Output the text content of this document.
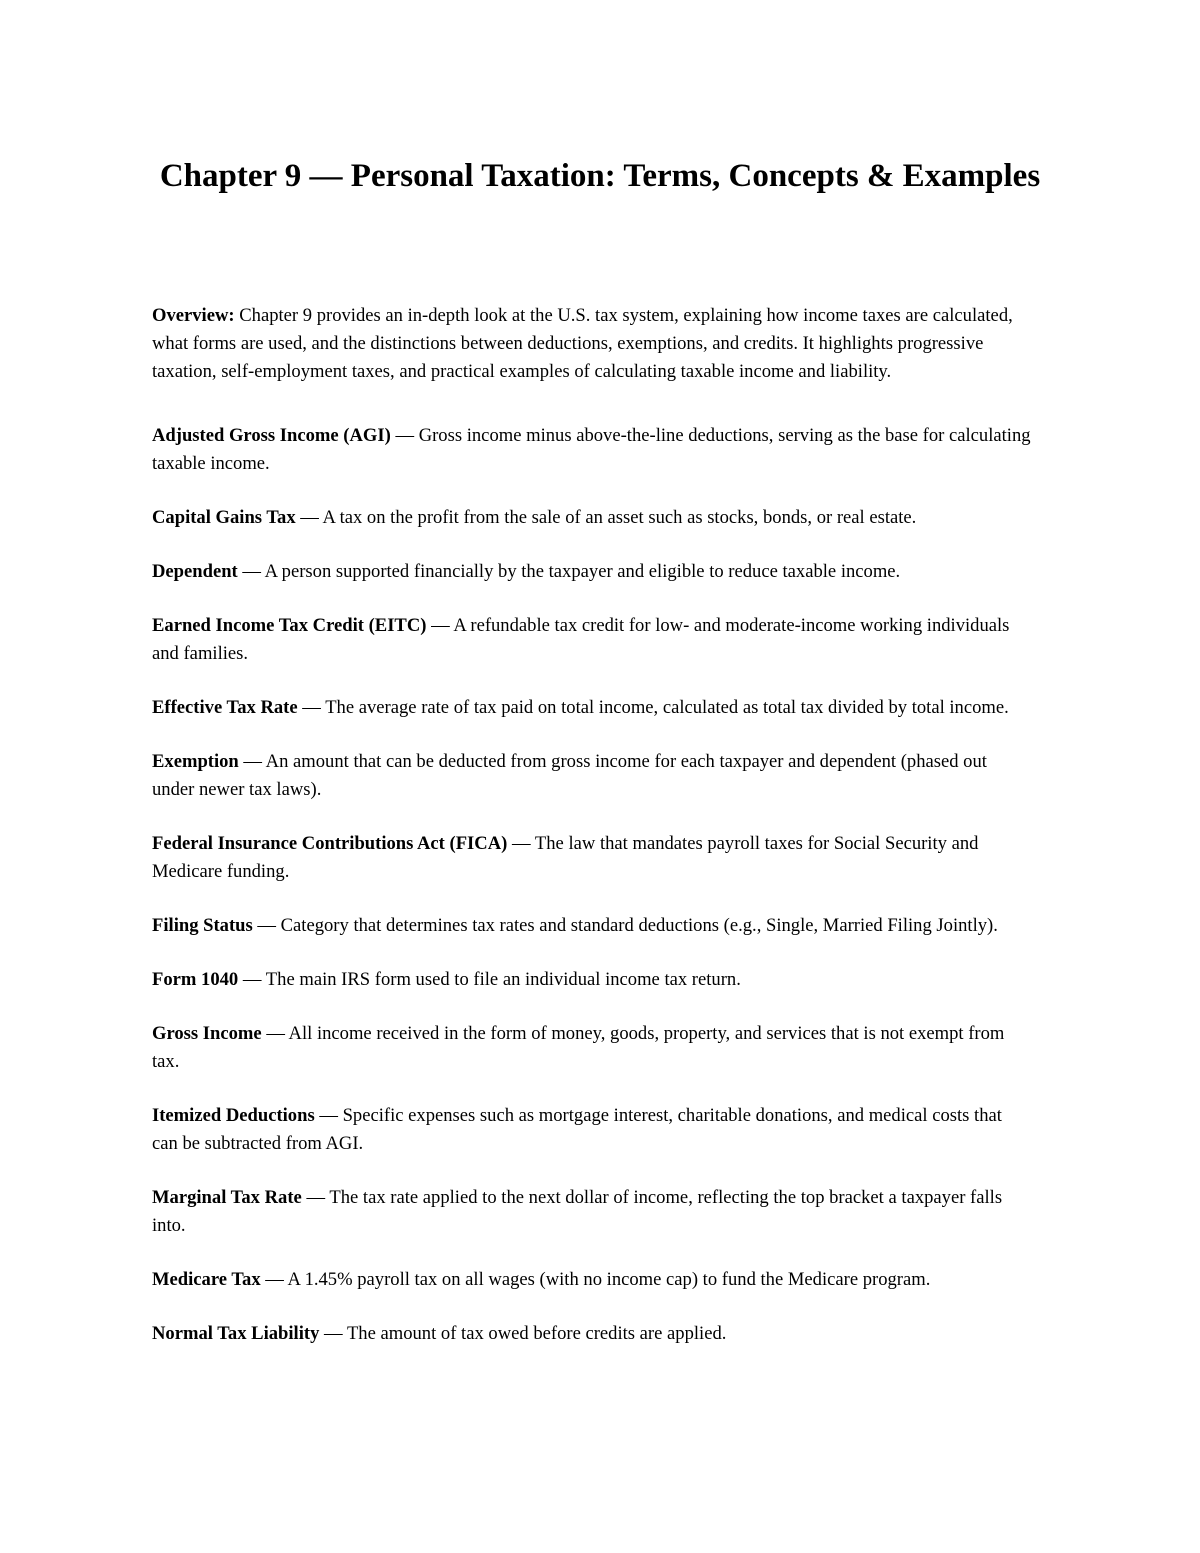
Chapter 9 — Personal Taxation: Terms, Concepts & Examples

Overview: Chapter 9 provides an in-depth look at the U.S. tax system, explaining how income taxes are calculated, what forms are used, and the distinctions between deductions, exemptions, and credits. It highlights progressive taxation, self-employment taxes, and practical examples of calculating taxable income and liability.

Adjusted Gross Income (AGI) — Gross income minus above-the-line deductions, serving as the base for calculating taxable income.

Capital Gains Tax — A tax on the profit from the sale of an asset such as stocks, bonds, or real estate.

Dependent — A person supported financially by the taxpayer and eligible to reduce taxable income.

Earned Income Tax Credit (EITC) — A refundable tax credit for low- and moderate-income working individuals and families.

Effective Tax Rate — The average rate of tax paid on total income, calculated as total tax divided by total income.

Exemption — An amount that can be deducted from gross income for each taxpayer and dependent (phased out under newer tax laws).

Federal Insurance Contributions Act (FICA) — The law that mandates payroll taxes for Social Security and Medicare funding.

Filing Status — Category that determines tax rates and standard deductions (e.g., Single, Married Filing Jointly).

Form 1040 — The main IRS form used to file an individual income tax return.

Gross Income — All income received in the form of money, goods, property, and services that is not exempt from tax.

Itemized Deductions — Specific expenses such as mortgage interest, charitable donations, and medical costs that can be subtracted from AGI.

Marginal Tax Rate — The tax rate applied to the next dollar of income, reflecting the top bracket a taxpayer falls into.

Medicare Tax — A 1.45% payroll tax on all wages (with no income cap) to fund the Medicare program.

Normal Tax Liability — The amount of tax owed before credits are applied.
